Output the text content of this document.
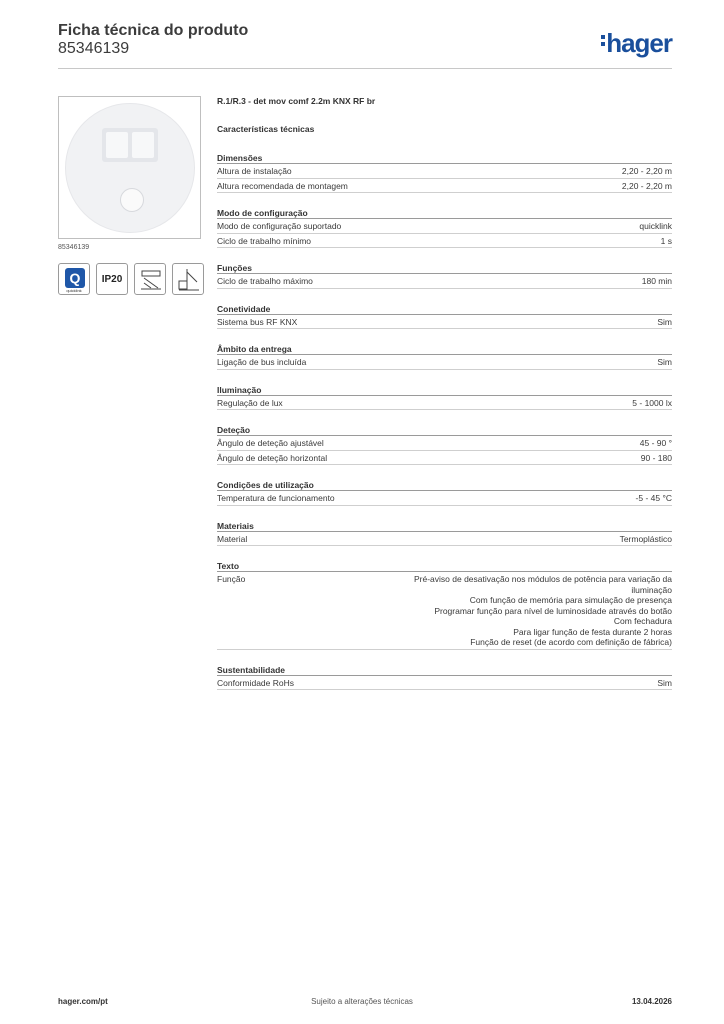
Ficha técnica do produto
85346139	hager
85346139
Q
quicklink
IP20
R.1/R.3 - det mov comf 2.2m KNX RF br
Características técnicas
Dimensões
Altura de instalação	2,20 - 2,20 m
Altura recomendada de montagem	2,20 - 2,20 m
Modo de configuração
Modo de configuração suportado	quicklink
Ciclo de trabalho mínimo	1 s
Funções
Ciclo de trabalho máximo	180 min
Conetividade
Sistema bus RF KNX	Sim
Âmbito da entrega
Ligação de bus incluída	Sim
Iluminação
Regulação de lux	5 - 1000 lx
Deteção
Ângulo de deteção ajustável	45 - 90 °
Ângulo de deteção horizontal	90 - 180
Condições de utilização
Temperatura de funcionamento	-5 - 45 °C
Materiais
Material	Termoplástico
Texto
Função	Pré-aviso de desativação nos módulos de potência para variação da
iluminação
Com função de memória para simulação de presença
Programar função para nível de luminosidade através do botão
Com fechadura
Para ligar função de festa durante 2 horas
Função de reset (de acordo com definição de fábrica)
Sustentabilidade
Conformidade RoHs	Sim
hager.com/pt	Sujeito a alterações técnicas	13.04.2026
